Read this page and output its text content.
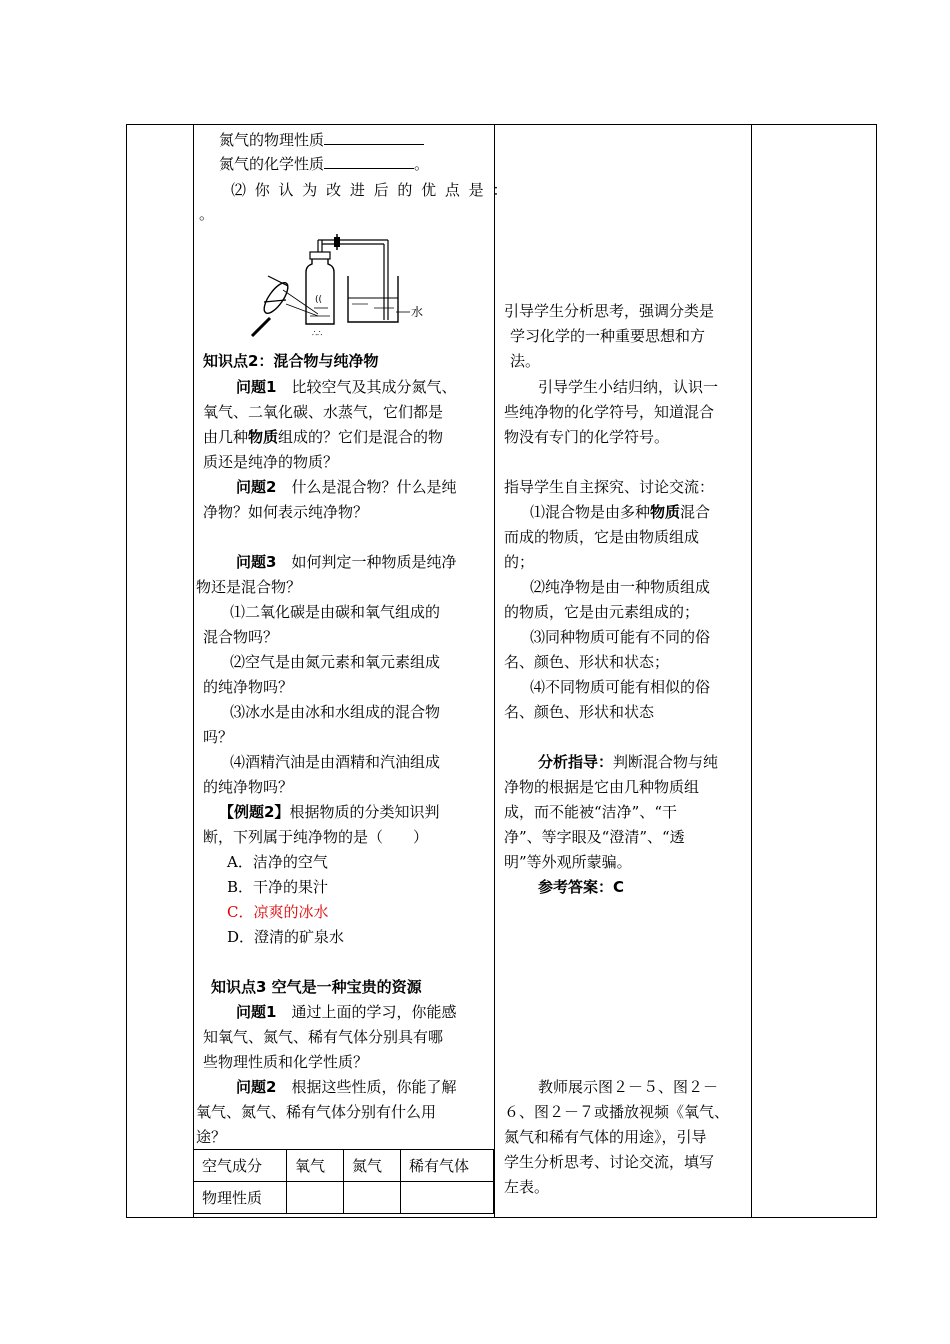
氮气的物理性质
氮气的化学性质	。
⑵ 你 认 为 改 进 后 的 优 点 是 ：
。
((
水
∴∴
知识点2：混合物与纯净物
问题1　 比较空气及其成分氮气、
氧气、二氧化碳、水蒸气，它们都是
由几种物质组成的？它们是混合的物
质还是纯净的物质？
问题2　 什么是混合物？什么是纯
净物？如何表示纯净物？
问题3　 如何判定一种物质是纯净
物还是混合物？
⑴二氧化碳是由碳和氧气组成的
混合物吗？
⑵空气是由氮元素和氧元素组成
的纯净物吗？
⑶冰水是由冰和水组成的混合物
吗？
⑷酒精汽油是由酒精和汽油组成
的纯净物吗？
【例题2】根据物质的分类知识判
断，下列属于纯净物的是（　　）
A．洁净的空气
B．干净的果汁
C．凉爽的冰水
D．澄清的矿泉水
知识点3 空气是一种宝贵的资源
问题1　 通过上面的学习，你能感
知氧气、氮气、稀有气体分别具有哪
些物理性质和化学性质？
问题2　 根据这些性质，你能了解
氧气、氮气、稀有气体分别有什么用
途？
空气成分	氧气	氮气	稀有气体
物理性质			
引导学生分析思考，强调分类是
学习化学的一种重要思想和方
法。
引导学生小结归纳，认识一
些纯净物的化学符号，知道混合
物没有专门的化学符号。
指导学生自主探究、讨论交流：
⑴混合物是由多种物质混合
而成的物质，它是由物质组成
的；
⑵纯净物是由一种物质组成
的物质，它是由元素组成的；
⑶同种物质可能有不同的俗
名、颜色、形状和状态；
⑷不同物质可能有相似的俗
名、颜色、形状和状态
分析指导：判断混合物与纯
净物的根据是它由几种物质组
成，而不能被“洁净”、“干
净”、等字眼及“澄清”、“透
明”等外观所蒙骗。
参考答案：C
教师展示图２－５、图２－
６、图２－７或播放视频《氧气、
氮气和稀有气体的用途》，引导
学生分析思考、讨论交流，填写
左表。
